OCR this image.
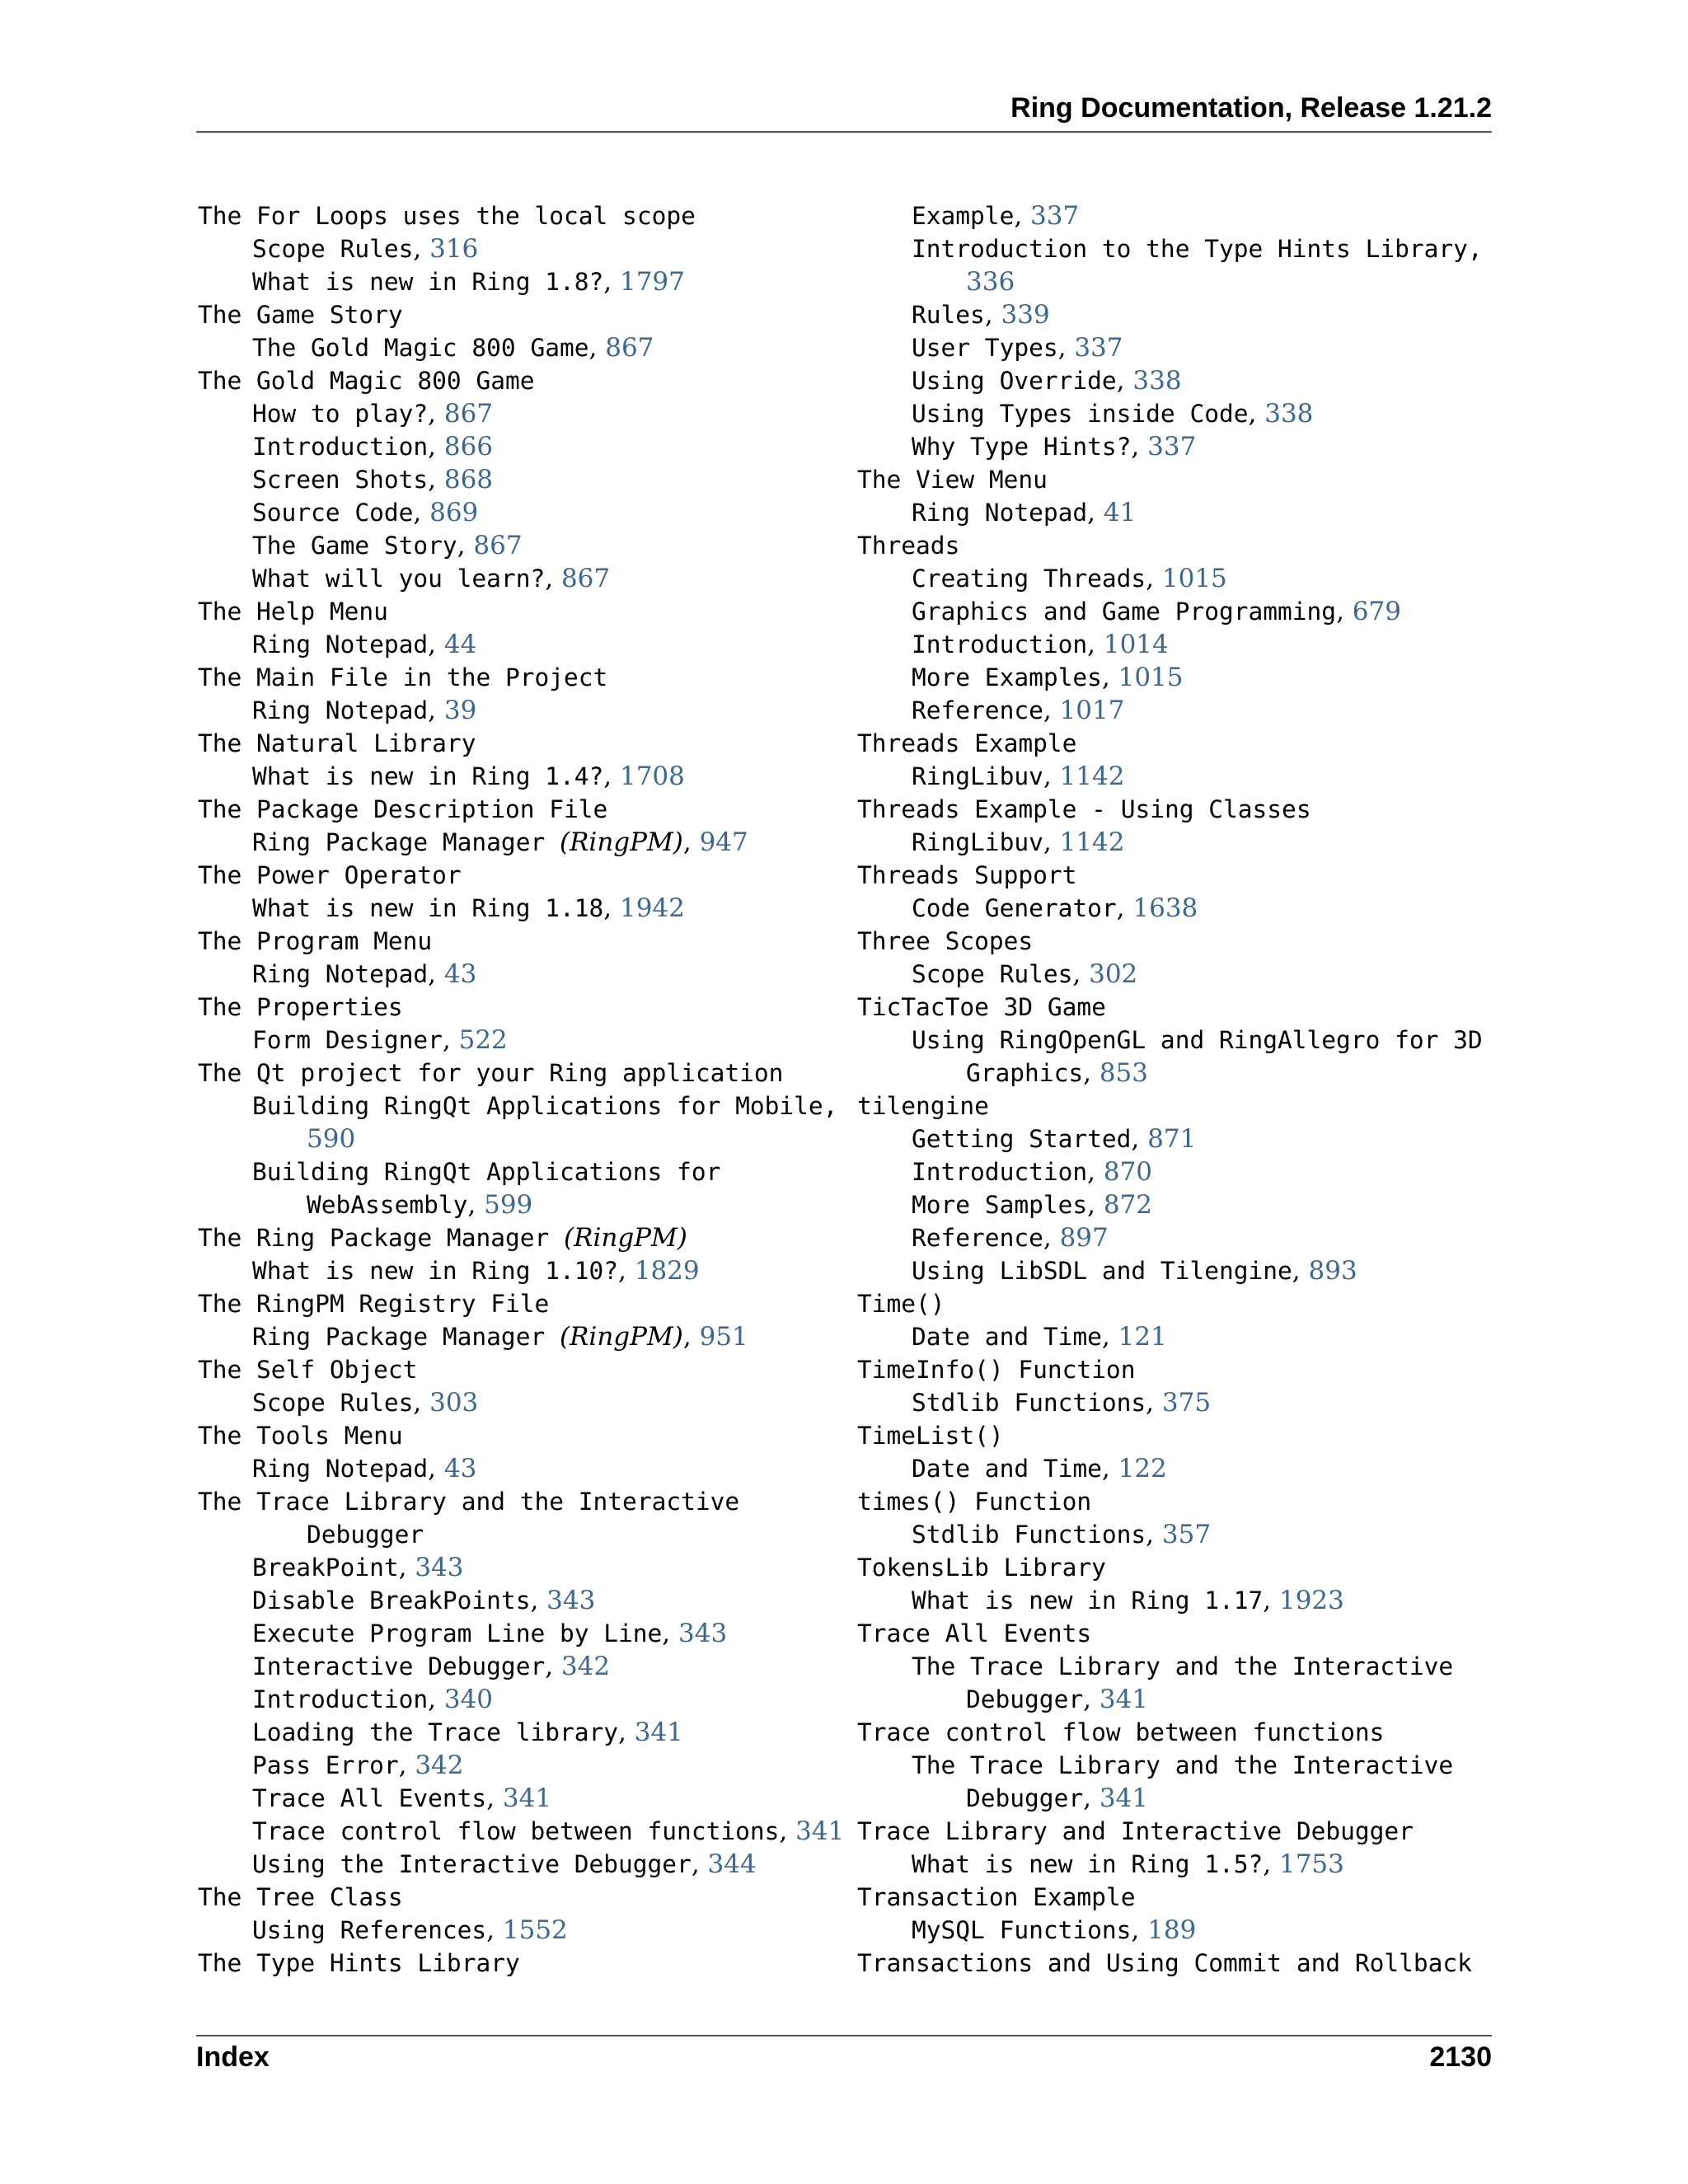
Ring Documentation, Release 1.21.2
The For Loops uses the local scope
Scope Rules, 316
What is new in Ring 1.8?, 1797
The Game Story
The Gold Magic 800 Game, 867
The Gold Magic 800 Game
How to play?, 867
Introduction, 866
Screen Shots, 868
Source Code, 869
The Game Story, 867
What will you learn?, 867
The Help Menu
Ring Notepad, 44
The Main File in the Project
Ring Notepad, 39
The Natural Library
What is new in Ring 1.4?, 1708
The Package Description File
Ring Package Manager (RingPM), 947
The Power Operator
What is new in Ring 1.18, 1942
The Program Menu
Ring Notepad, 43
The Properties
Form Designer, 522
The Qt project for your Ring application
Building RingQt Applications for Mobile,
590
Building RingQt Applications for
WebAssembly, 599
The Ring Package Manager (RingPM)
What is new in Ring 1.10?, 1829
The RingPM Registry File
Ring Package Manager (RingPM), 951
The Self Object
Scope Rules, 303
The Tools Menu
Ring Notepad, 43
The Trace Library and the Interactive
Debugger
BreakPoint, 343
Disable BreakPoints, 343
Execute Program Line by Line, 343
Interactive Debugger, 342
Introduction, 340
Loading the Trace library, 341
Pass Error, 342
Trace All Events, 341
Trace control flow between functions, 341
Using the Interactive Debugger, 344
The Tree Class
Using References, 1552
The Type Hints Library
Example, 337
Introduction to the Type Hints Library,
336
Rules, 339
User Types, 337
Using Override, 338
Using Types inside Code, 338
Why Type Hints?, 337
The View Menu
Ring Notepad, 41
Threads
Creating Threads, 1015
Graphics and Game Programming, 679
Introduction, 1014
More Examples, 1015
Reference, 1017
Threads Example
RingLibuv, 1142
Threads Example - Using Classes
RingLibuv, 1142
Threads Support
Code Generator, 1638
Three Scopes
Scope Rules, 302
TicTacToe 3D Game
Using RingOpenGL and RingAllegro for 3D
Graphics, 853
tilengine
Getting Started, 871
Introduction, 870
More Samples, 872
Reference, 897
Using LibSDL and Tilengine, 893
Time()
Date and Time, 121
TimeInfo() Function
Stdlib Functions, 375
TimeList()
Date and Time, 122
times() Function
Stdlib Functions, 357
TokensLib Library
What is new in Ring 1.17, 1923
Trace All Events
The Trace Library and the Interactive
Debugger, 341
Trace control flow between functions
The Trace Library and the Interactive
Debugger, 341
Trace Library and Interactive Debugger
What is new in Ring 1.5?, 1753
Transaction Example
MySQL Functions, 189
Transactions and Using Commit and Rollback
Index	2130
